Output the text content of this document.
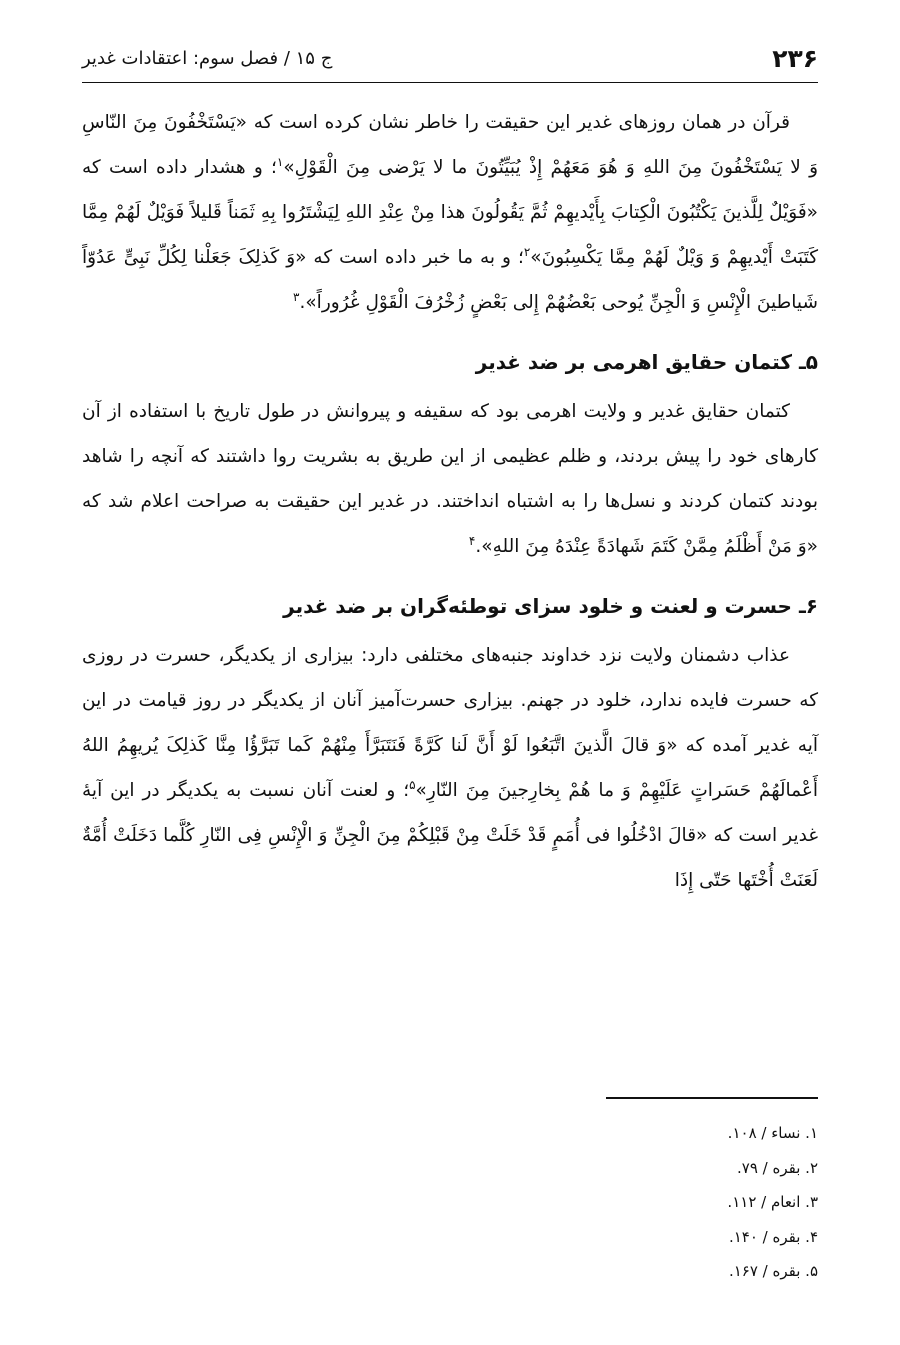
۲۳۶
ج ۱۵ / فصل سوم: اعتقادات غدیر

قرآن در همان روزهای غدیر این حقیقت را خاطر نشان کرده است که «یَسْتَخْفُونَ مِنَ النّاسِ وَ لا یَسْتَخْفُونَ مِنَ اللهِ وَ هُوَ مَعَهُمْ إِذْ یُبَیِّتُونَ ما لا یَرْضی مِنَ الْقَوْلِ»$^۱$؛ و هشدار داده است که «فَوَیْلٌ لِلَّذینَ یَکْتُبُونَ الْکِتابَ بِأَیْدیهِمْ ثُمَّ یَقُولُونَ هذا مِنْ عِنْدِ اللهِ لِیَشْتَرُوا بِهِ ثَمَناً قَلیلاً فَوَیْلٌ لَهُمْ مِمَّا کَتَبَتْ أَیْدیهِمْ وَ وَیْلٌ لَهُمْ مِمَّا یَکْسِبُونَ»$^۲$؛ و به ما خبر داده است که «وَ کَذلِکَ جَعَلْنا لِکُلِّ نَبِیٍّ عَدُوّاً شَیاطینَ الْإِنْسِ وَ الْجِنِّ یُوحی بَعْضُهُمْ إِلی بَعْضٍ زُخْرُفَ الْقَوْلِ غُرُوراً».$^۳$

۵ـ کتمان حقایق اهرمی بر ضد غدیر

کتمان حقایق غدیر و ولایت اهرمی بود که سقیفه و پیروانش در طول تاریخ با استفاده از آن کارهای خود را پیش بردند، و ظلم عظیمی از این طریق به بشریت روا داشتند که آنچه را شاهد بودند کتمان کردند و نسل‌ها را به اشتباه انداختند. در غدیر این حقیقت به صراحت اعلام شد که «وَ مَنْ أَظْلَمُ مِمَّنْ کَتَمَ شَهادَةً عِنْدَهُ مِنَ اللهِ».$^۴$

۶ـ حسرت و لعنت و خلود سزای توطئه‌گران بر ضد غدیر

عذاب دشمنان ولایت نزد خداوند جنبه‌های مختلفی دارد: بیزاری از یکدیگر، حسرت در روزی که حسرت فایده ندارد، خلود در جهنم. بیزاری حسرت‌آمیز آنان از یکدیگر در روز قیامت در این آیه غدیر آمده که «وَ قالَ الَّذینَ اتَّبَعُوا لَوْ أَنَّ لَنا کَرَّةً فَنَتَبَرَّأَ مِنْهُمْ کَما تَبَرَّؤُا مِنَّا کَذلِکَ یُریهِمُ اللهُ أَعْمالَهُمْ حَسَراتٍ عَلَیْهِمْ وَ ما هُمْ بِخارِجینَ مِنَ النّارِ»$^۵$؛ و لعنت آنان نسبت به یکدیگر در این آیۀ غدیر است که «قالَ ادْخُلُوا فی أُمَمٍ قَدْ خَلَتْ مِنْ قَبْلِکُمْ مِنَ الْجِنِّ وَ الْإِنْسِ فِی النّارِ کُلَّما دَخَلَتْ أُمَّةٌ لَعَنَتْ أُخْتَها حَتّی إِذَا

۱. نساء / ۱۰۸.
۲. بقره / ۷۹.
۳. انعام / ۱۱۲.
۴. بقره / ۱۴۰.
۵. بقره / ۱۶۷.
